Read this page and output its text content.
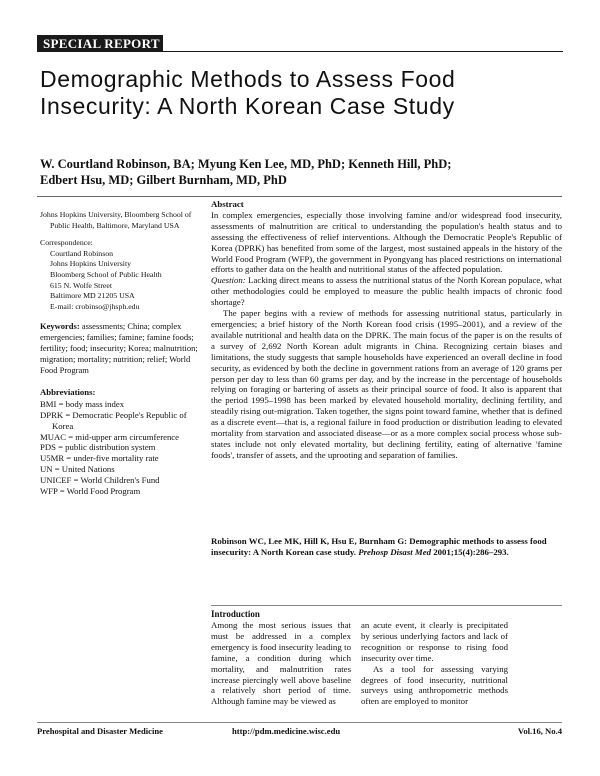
SPECIAL REPORT
Demographic Methods to Assess Food
Insecurity: A North Korean Case Study
W. Courtland Robinson, BA; Myung Ken Lee, MD, PhD; Kenneth Hill, PhD;
Edbert Hsu, MD; Gilbert Burnham, MD, PhD

Johns Hopkins University, Bloomberg School of Public Health, Baltimore, Maryland USA

Correspondence:

Courtland Robinson

Johns Hopkins University

Bloomberg School of Public Health

615 N. Wolfe Street

Baltimore MD 21205 USA

E-mail: crobinso@jhsph.edu

Keywords: assessments; China; complex emergencies; families; famine; famine foods; fertility; food; insecurity; Korea; malnutrition; migration; mortality; nutrition; relief; World Food Program

Abbreviations:

BMI = body mass index

DPRK = Democratic People's Republic of Korea

MUAC = mid-upper arm circumference

PDS = public distribution system

U5MR = under-five mortality rate

UN = United Nations

UNICEF = World Children's Fund

WFP = World Food Program

Abstract

In complex emergencies, especially those involving famine and/or widespread food insecurity, assessments of malnutrition are critical to understanding the population's health status and to assessing the effectiveness of relief interventions. Although the Democratic People's Republic of Korea (DPRK) has benefited from some of the largest, most sustained appeals in the history of the World Food Program (WFP), the government in Pyongyang has placed restrictions on international efforts to gather data on the health and nutritional status of the affected population.

Question: Lacking direct means to assess the nutritional status of the North Korean populace, what other methodologies could be employed to measure the public health impacts of chronic food shortage?

The paper begins with a review of methods for assessing nutritional status, particularly in emergencies; a brief history of the North Korean food crisis (1995–2001), and a review of the available nutritional and health data on the DPRK. The main focus of the paper is on the results of a survey of 2,692 North Korean adult migrants in China. Recognizing certain biases and limitations, the study suggests that sample households have experienced an overall decline in food security, as evidenced by both the decline in government rations from an average of 120 grams per person per day to less than 60 grams per day, and by the increase in the percentage of households relying on foraging or bartering of assets as their principal source of food. It also is apparent that the period 1995–1998 has been marked by elevated household mortality, declining fertility, and steadily rising out-migration. Taken together, the signs point toward famine, whether that is defined as a discrete event—that is, a regional failure in food production or distribution leading to elevated mortality from starvation and associated disease—or as a more complex social process whose sub-states include not only elevated mortality, but declining fertility, eating of alternative 'famine foods', transfer of assets, and the uprooting and separation of families.

Robinson WC, Lee MK, Hill K, Hsu E, Burnham G: Demographic methods to assess food insecurity: A North Korean case study. Prehosp Disast Med 2001;15(4):286–293.

Introduction

Among the most serious issues that must be addressed in a complex emergency is food insecurity leading to famine, a condition during which mortality, and malnutrition rates increase piercingly well above baseline a relatively short period of time. Although famine may be viewed as

an acute event, it clearly is precipitated by serious underlying factors and lack of recognition or response to rising food insecurity over time.

As a tool for assessing varying degrees of food insecurity, nutritional surveys using anthropometric methods often are employed to monitor

Prehospital and Disaster Medicine	http://pdm.medicine.wisc.edu	Vol.16, No.4
